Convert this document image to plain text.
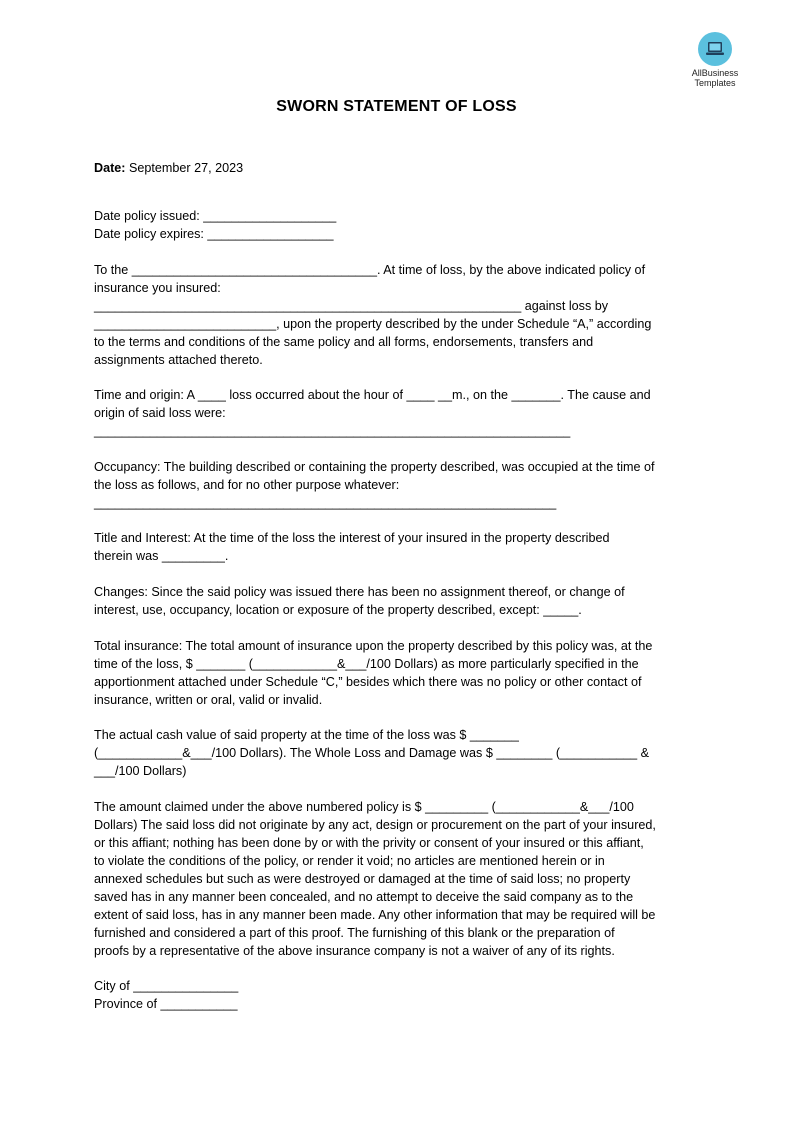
AllBusiness
Templates
SWORN STATEMENT OF LOSS

Date: September 27, 2023

Date policy issued: ___________________

Date policy expires: __________________

To the ___________________________________. At time of loss, by the above indicated policy of

insurance you insured:

_____________________________________________________________ against loss by

__________________________, upon the property described by the under Schedule “A,” according

to the terms and conditions of the same policy and all forms, endorsements, transfers and

assignments attached thereto.

Time and origin: A ____ loss occurred about the hour of ____ __m., on the _______. The cause and

origin of said loss were:

____________________________________________________________________

Occupancy: The building described or containing the property described, was occupied at the time of

the loss as follows, and for no other purpose whatever:

__________________________________________________________________

Title and Interest: At the time of the loss the interest of your insured in the property described

therein was _________.

Changes: Since the said policy was issued there has been no assignment thereof, or change of

interest, use, occupancy, location or exposure of the property described, except: _____.

Total insurance: The total amount of insurance upon the property described by this policy was, at the

time of the loss, $ _______ (____________&___/100 Dollars) as more particularly specified in the

apportionment attached under Schedule “C,” besides which there was no policy or other contact of

insurance, written or oral, valid or invalid.

The actual cash value of said property at the time of the loss was $ _______

(____________&___/100 Dollars). The Whole Loss and Damage was $ ________ (___________ &

___/100 Dollars)

The amount claimed under the above numbered policy is $ _________ (____________&___/100

Dollars) The said loss did not originate by any act, design or procurement on the part of your insured,

or this affiant; nothing has been done by or with the privity or consent of your insured or this affiant,

to violate the conditions of the policy, or render it void; no articles are mentioned herein or in

annexed schedules but such as were destroyed or damaged at the time of said loss; no property

saved has in any manner been concealed, and no attempt to deceive the said company as to the

extent of said loss, has in any manner been made. Any other information that may be required will be

furnished and considered a part of this proof. The furnishing of this blank or the preparation of

proofs by a representative of the above insurance company is not a waiver of any of its rights.

City of _______________

Province of ___________
